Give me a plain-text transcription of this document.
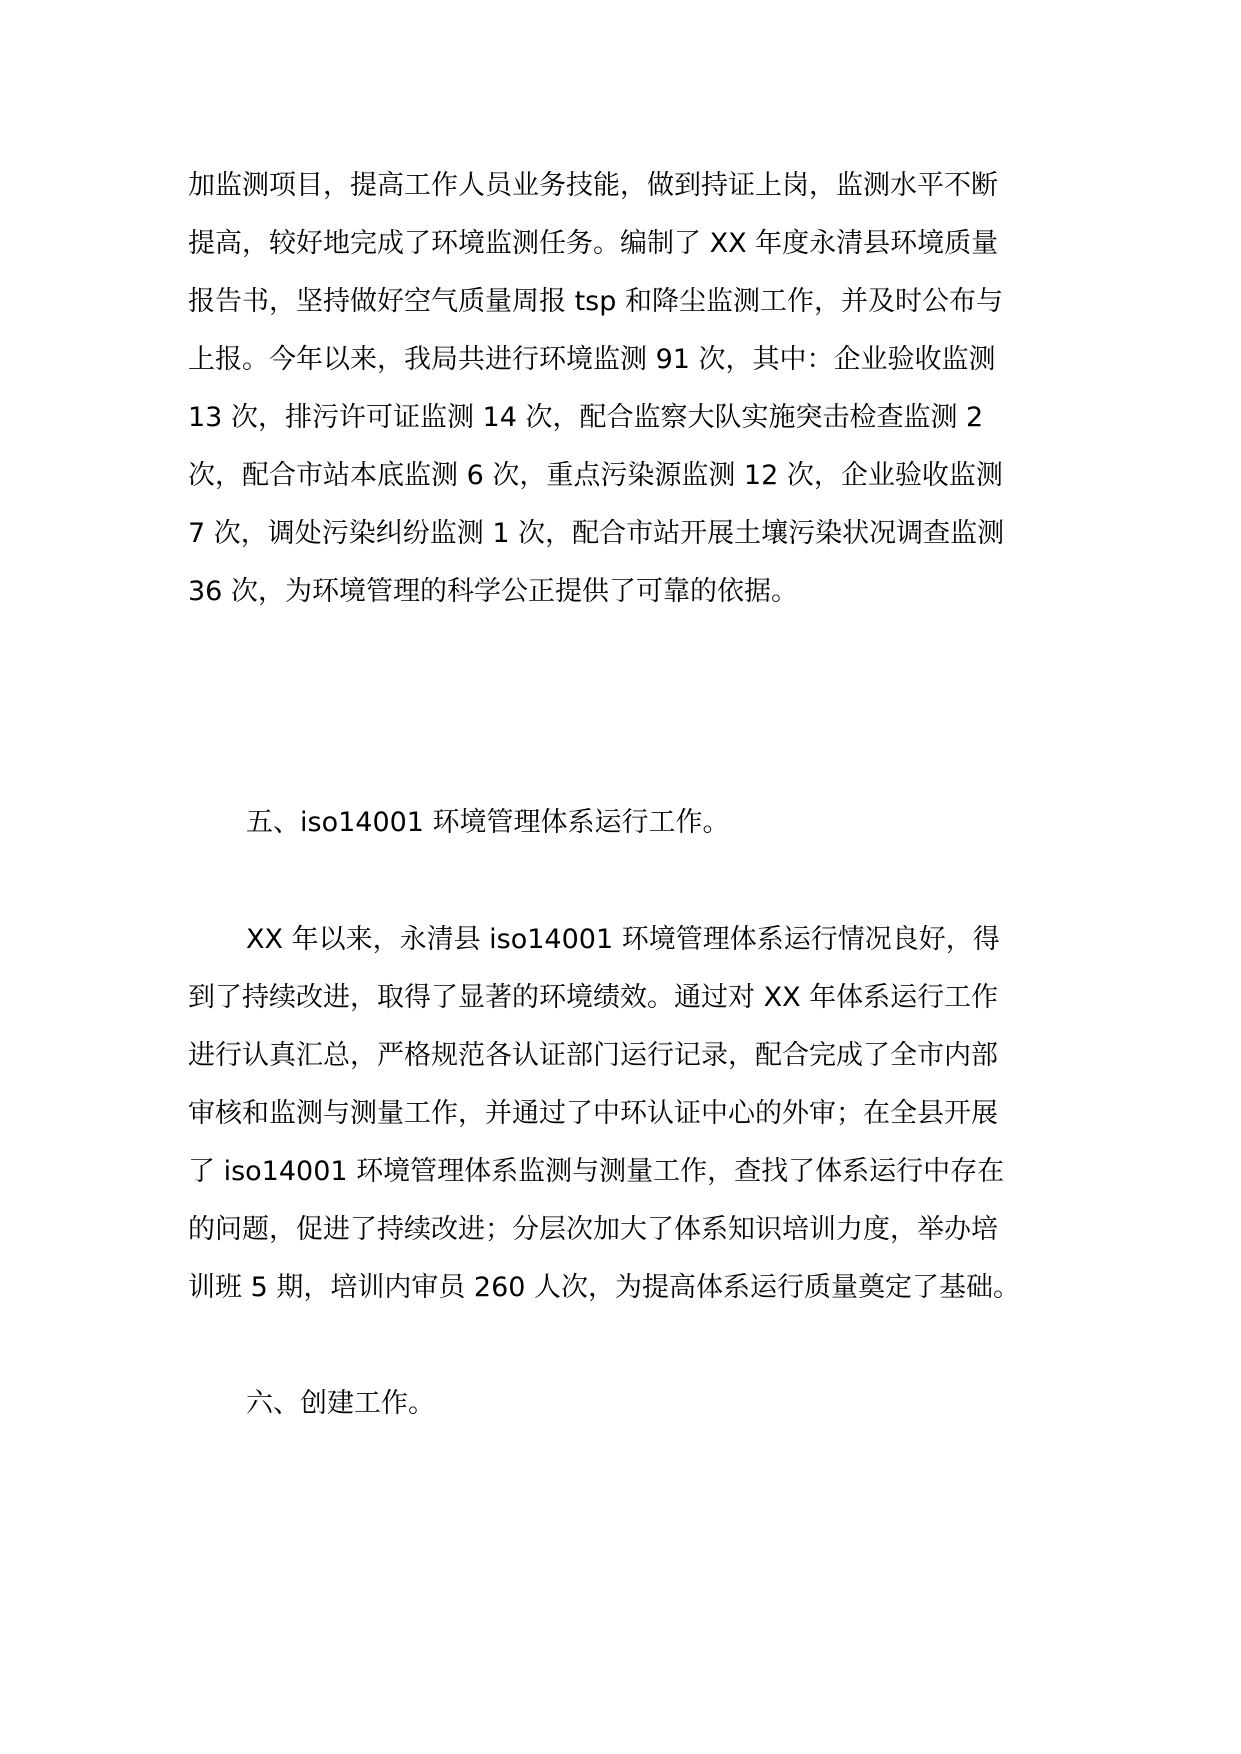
加监测项目，提高工作人员业务技能，做到持证上岗，监测水平不断
提高，较好地完成了环境监测任务。编制了 XX 年度永清县环境质量
报告书，坚持做好空气质量周报 tsp 和降尘监测工作，并及时公布与
上报。今年以来，我局共进行环境监测 91 次，其中：企业验收监测
13 次，排污许可证监测 14 次，配合监察大队实施突击检查监测 2
次，配合市站本底监测 6 次，重点污染源监测 12 次，企业验收监测
7 次，调处污染纠纷监测 1 次，配合市站开展土壤污染状况调查监测
36 次，为环境管理的科学公正提供了可靠的依据。
五、iso14001 环境管理体系运行工作。
XX 年以来，永清县 iso14001 环境管理体系运行情况良好，得
到了持续改进，取得了显著的环境绩效。通过对 XX 年体系运行工作
进行认真汇总，严格规范各认证部门运行记录，配合完成了全市内部
审核和监测与测量工作，并通过了中环认证中心的外审；在全县开展
了 iso14001 环境管理体系监测与测量工作，查找了体系运行中存在
的问题，促进了持续改进；分层次加大了体系知识培训力度，举办培
训班 5 期，培训内审员 260 人次，为提高体系运行质量奠定了基础。
六、创建工作。
